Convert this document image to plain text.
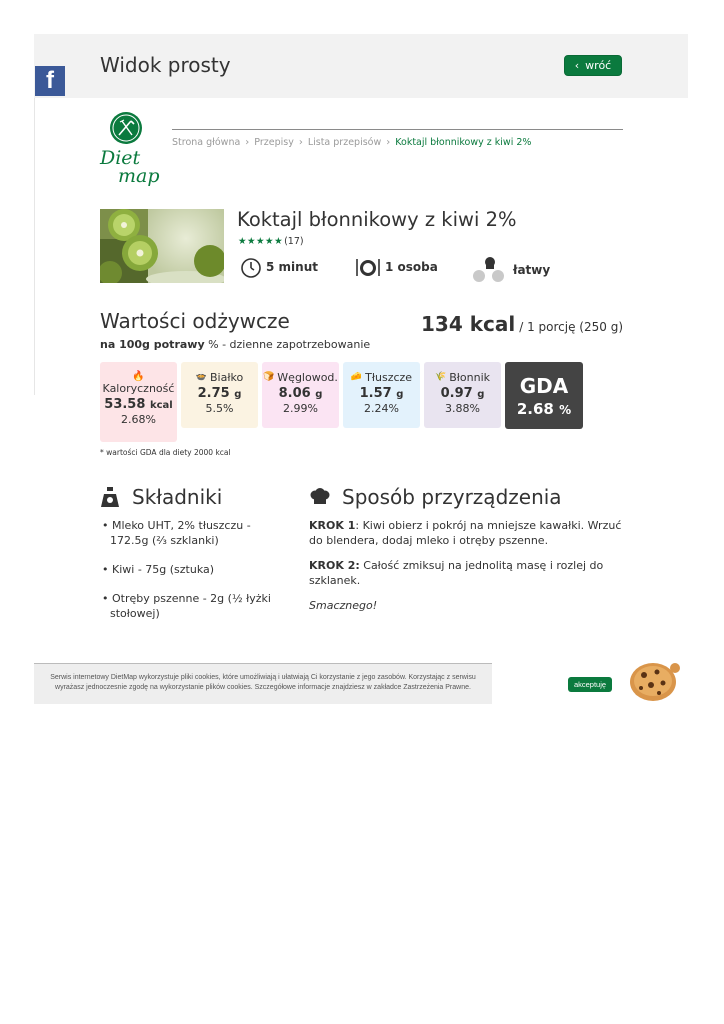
Widok prosty	‹ wróć
f
Diet
map
Strona główna › Przepisy › Lista przepisów › Koktajl błonnikowy z kiwi 2%
Koktajl błonnikowy z kiwi 2%
★★★★★ (17)
5 minut	1 osoba	łatwy
Wartości odżywcze	134 kcal / 1 porcję (250 g)
na 100g potrawy % - dzienne zapotrzebowanie
🔥
Kaloryczność
53.58 kcal
2.68%
🍲 Białko
2.75 g
5.5%
🍞 Węglowod.
8.06 g
2.99%
🧀 Tłuszcze
1.57 g
2.24%
🌾 Błonnik
0.97 g
3.88%
GDA
2.68 %
* wartości GDA dla diety 2000 kcal
Składniki
• Mleko UHT, 2% tłuszczu - 172.5g (⅔ szklanki)
• Kiwi - 75g (sztuka)
• Otręby pszenne - 2g (½ łyżki stołowej)
Sposób przyrządzenia

KROK 1: Kiwi obierz i pokrój na mniejsze kawałki. Wrzuć do blendera, dodaj mleko i otręby pszenne.

KROK 2: Całość zmiksuj na jednolitą masę i rozlej do szklanek.

Smacznego!

Serwis internetowy DietMap wykorzystuje pliki cookies, które umożliwiają i ułatwiają Ci korzystanie z jego zasobów. Korzystając z serwisu wyrażasz jednoczesnie zgodę na wykorzystanie plików cookies. Szczegółowe informacje znajdziesz w zakładce Zastrzeżenia Prawne.	akceptuję
